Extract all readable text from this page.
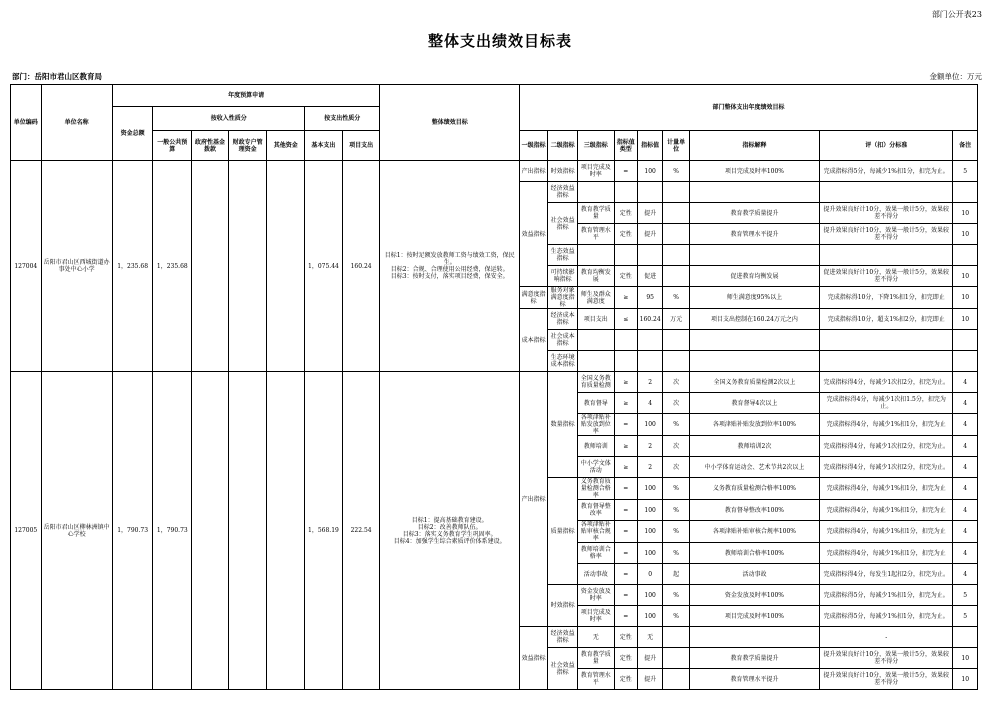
部门公开表23
整体支出绩效目标表
部门：岳阳市君山区教育局	金额单位：万元
单位编码	单位名称	年度预算申请							整体绩效目标	部门整体支出年度绩效目标								
		资金总额	按收入性质分				按支出性质分											
			一般公共预算	政府性基金拨款	财政专户管理资金	其他资金	基本支出	项目支出		一级指标	二级指标	三级指标	指标值类型	指标值	计量单位	指标解释	评（扣）分标准	备注
127004	岳阳市君山区西城街道办事处中心小学	1，235.68	1，235.68				1，075.44	160.24	目标1：按时足额发放教师工资与绩效工资，保民生。
目标2：合规、合理使用公用经费，保运转。
目标3：按时支付，落实项目经费，保安全。	产出指标	时效指标	项目完成及时率	=	100	%	项目完成及时率100%	完成指标得5分，每减少1%扣1分，扣完为止。	5
										效益指标	经济效益指标							
											社会效益指标	教育教学质量	定性	提升		教育教学质量提升	提升效果良好计10分，效果一般计5分，效果较差不得分	10
												教育管理水平	定性	提升		教育管理水平提升	提升效果良好计10分，效果一般计5分，效果较差不得分	10
											生态效益指标							
											可持续影响指标	教育均衡发展	定性	促进		促进教育均衡发展	促进效果良好计10分，效果一般计5分，效果较差不得分	10
										满意度指标	服务对象满意度指标	师生及群众满意度	≥	95	%	师生满意度95%以上	完成指标得10分，下降1%扣1分，扣完即止	10
										成本指标	经济成本指标	项目支出	≤	160.24	万元	项目支出控制在160.24万元之内	完成指标得10分，超支1%扣2分，扣完即止	10
											社会成本指标							
											生态环境成本指标							
127005	岳阳市君山区柳林洲镇中心学校	1，790.73	1，790.73				1，568.19	222.54	目标1：提高基础教育建设。
目标2：改善教师队伍。
目标3：落实义务教育学生巩固率。
目标4：加强学生综合素质评价体系建设。	产出指标	数量指标	全国义务教育质量检测	≥	2	次	全国义务教育质量检测2次以上	完成指标得4分，每减少1次扣2分，扣完为止。	4
												教育督导	≥	4	次	教育督导4次以上	完成指标得4分，每减少1次扣1.5分，扣完为止。	4
												各项津贴补贴发放到位率	=	100	%	各项津贴补贴发放到位率100%	完成指标得4分，每减少1%扣1分，扣完为止	4
												教师培训	≥	2	次	教师培训2次	完成指标得4分，每减少1次扣2分，扣完为止。	4
												中小学文体活动	≥	2	次	中小学体育运动会、艺术节共2次以上	完成指标得4分，每减少1次扣2分，扣完为止。	4
											质量指标	义务教育质量检测合格率	=	100	%	义务教育质量检测合格率100%	完成指标得4分，每减少1%扣1分，扣完为止	4
												教育督导整改率	=	100	%	教育督导整改率100%	完成指标得4分，每减少1%扣1分，扣完为止	4
												各项津贴补贴审核合规率	=	100	%	各项津贴补贴审核合规率100%	完成指标得4分，每减少1%扣1分，扣完为止	4
												教师培训合格率	=	100	%	教师培训合格率100%	完成指标得4分，每减少1%扣1分，扣完为止	4
												活动事故	=	0	起	活动事故	完成指标得4分，每发生1起扣2分，扣完为止。	4
											时效指标	资金发放及时率	=	100	%	资金发放及时率100%	完成指标得5分，每减少1%扣1分，扣完为止。	5
												项目完成及时率	=	100	%	项目完成及时率100%	完成指标得5分，每减少1%扣1分，扣完为止。	5
										效益指标	经济效益指标	无	定性	无			-	
											社会效益指标	教育教学质量	定性	提升		教育教学质量提升	提升效果良好计10分，效果一般计5分，效果较差不得分	10
												教育管理水平	定性	提升		教育管理水平提升	提升效果良好计10分，效果一般计5分，效果较差不得分	10
